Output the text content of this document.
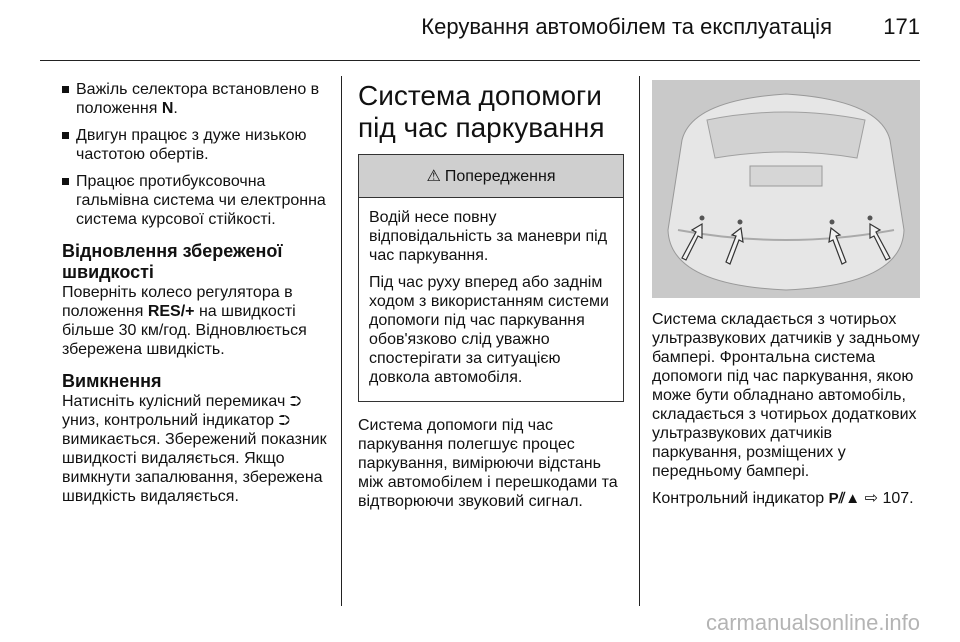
Керування автомобілем та експлуатація 171
Важіль селектора встановлено в положення N.
Двигун працює з дуже низькою частотою обертів.
Працює протибуксовочна гальмівна система чи електронна система курсової стійкості.
Відновлення збереженої швидкості

Поверніть колесо регулятора в положення RES/+ на швидкості більше 30 км/год. Відновлюється збережена швидкість.

Вимкнення

Натисніть кулісний перемикач ⮊ униз, контрольний індикатор ⮊ вимикається. Збережений показник швидкості видаляється. Якщо вимкнути запалювання, збережена швидкість видаляється.

Система допомоги під час паркування
⚠ Попередження

Водій несе повну відповідальність за маневри під час паркування.

Під час руху вперед або заднім ходом з використанням системи допомоги під час паркування обов'язково слід уважно спостерігати за ситуацією довкола автомобіля.

Система допомоги під час паркування полегшує процес паркування, вимірюючи відстань між автомобілем і перешкодами та відтворюючи звуковий сигнал.

Система складається з чотирьох ультразвукових датчиків у задньому бампері. Фронтальна система допомоги під час паркування, якою може бути обладнано автомобіль, складається з чотирьох додаткових ультразвукових датчиків паркування, розміщених у передньому бампері.

Контрольний індикатор P⫽▲ ⇨ 107.

carmanualsonline.info
